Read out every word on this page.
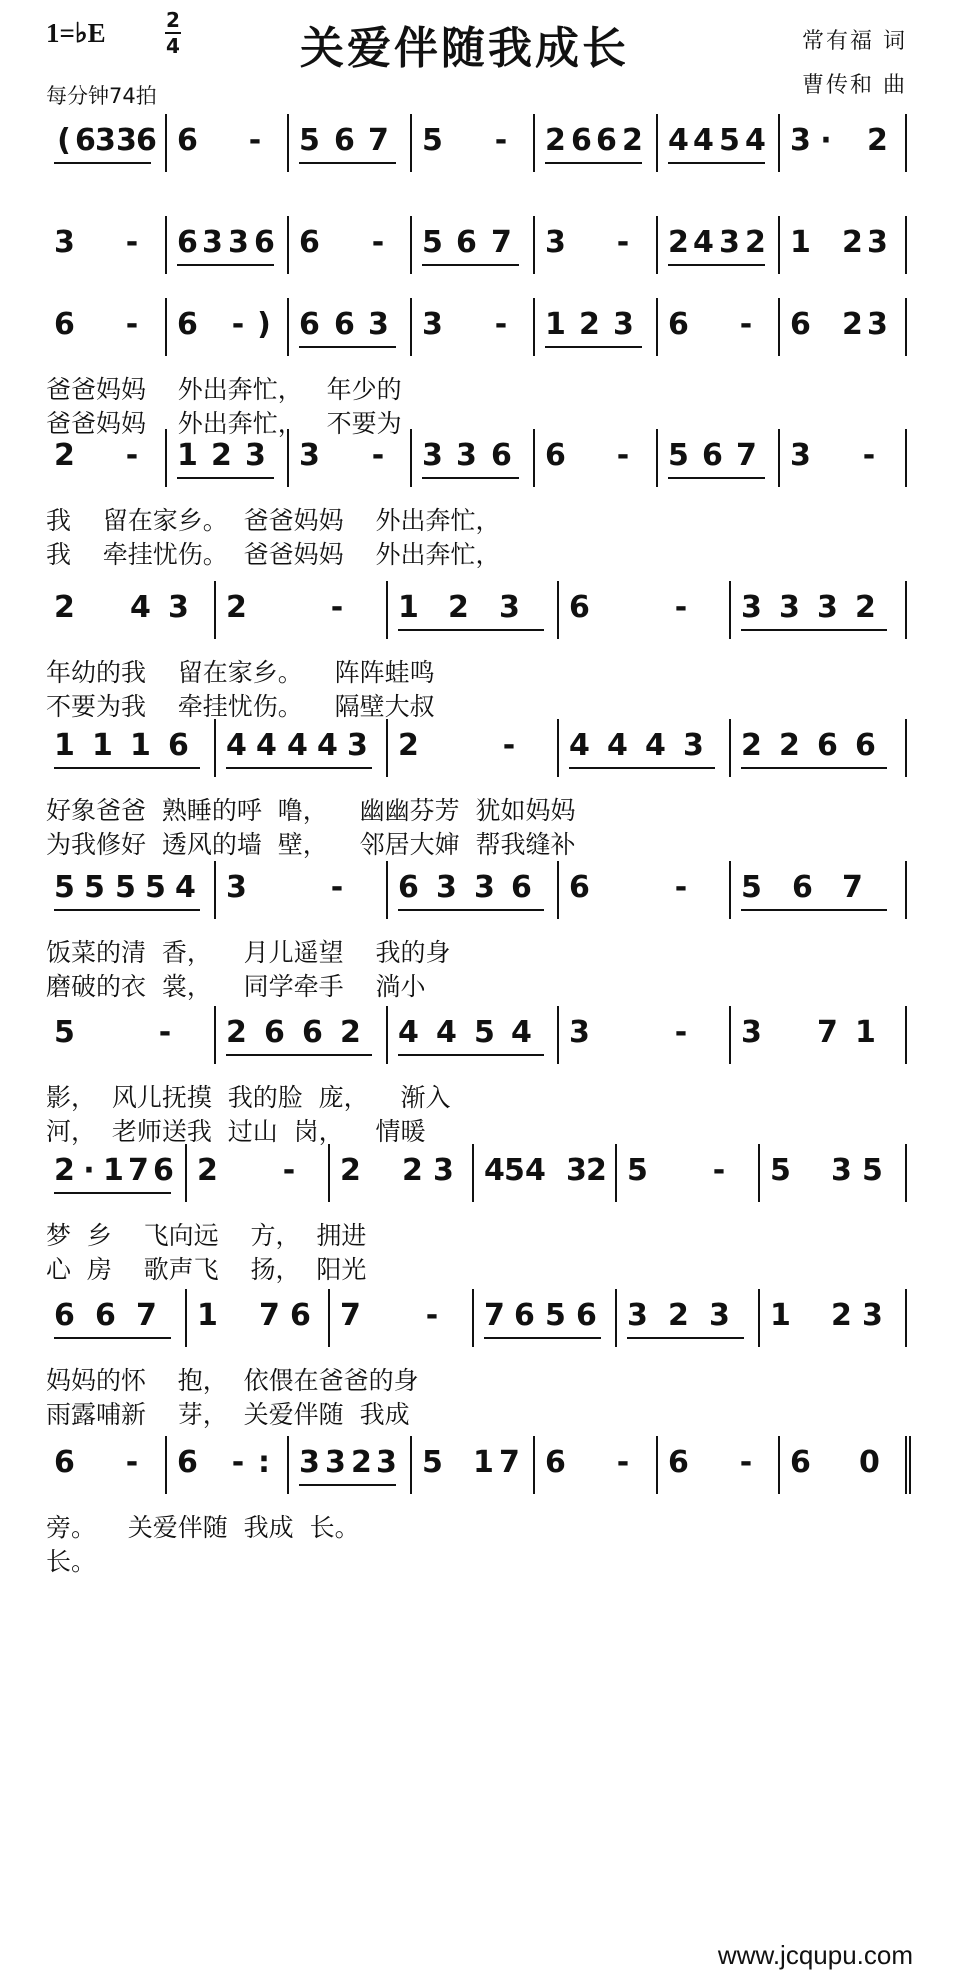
1=♭E	2
4	关爱伴随我成长
每分钟74拍
常有福 词
曹传和 曲
( 6 3 3 6 6 - 5 6 7 5 - 2 6 6 2 4 4 5 4 3 · 2
3 - 6 3 3 6 6 - 5 6 7 3 - 2 4 3 2 1 2 3
6 - 6 - ) 6 6 3 3 - 1 2 3 6 - 6 2 3
爸爸妈妈    外出奔忙，   年少的
爸爸妈妈    外出奔忙，   不要为
2 - 1 2 3 3 - 3 3 6 6 - 5 6 7 3 -
我    留在家乡。  爸爸妈妈    外出奔忙，
我    牵挂忧伤。  爸爸妈妈    外出奔忙，
2 4 3 2	- 1 2 3 6	- 3 3 3 2
年幼的我    留在家乡。    阵阵蛙鸣
不要为我    牵挂忧伤。    隔壁大叔
1 1 1 6 4 4 4 4 3 2	- 4 4 4 3 2 2 6 6
好象爸爸  熟睡的呼  噜，    幽幽芬芳  犹如妈妈
为我修好  透风的墙  壁，    邻居大婶  帮我缝补
5 5 5 5 4 3	- 6 3 3 6 6	- 5 6 7
饭菜的清  香，    月儿遥望    我的身
磨破的衣  裳，    同学牵手    淌小
5	- 2 6 6 2 4 4 5 4 3	- 3 7 1
影，  风儿抚摸  我的脸  庞，    渐入
河，  老师送我  过山  岗，    情暖
2 · 1 7 6 2 - 2 2 3 4 5 4 3 2 5 - 5 3 5
梦  乡    飞向远    方，  拥进
心  房    歌声飞    扬，  阳光
6 6 7 1 7 6 7 - 7 6 5 6 3 2 3 1 2 3
妈妈的怀    抱，  依偎在爸爸的身
雨露哺新    芽，  关爱伴随  我成
6 - 6 - : 3 3 2 3 5 1 7 6 - 6 - 6 0
旁。    关爱伴随  我成  长。
长。
www.jcqupu.com
